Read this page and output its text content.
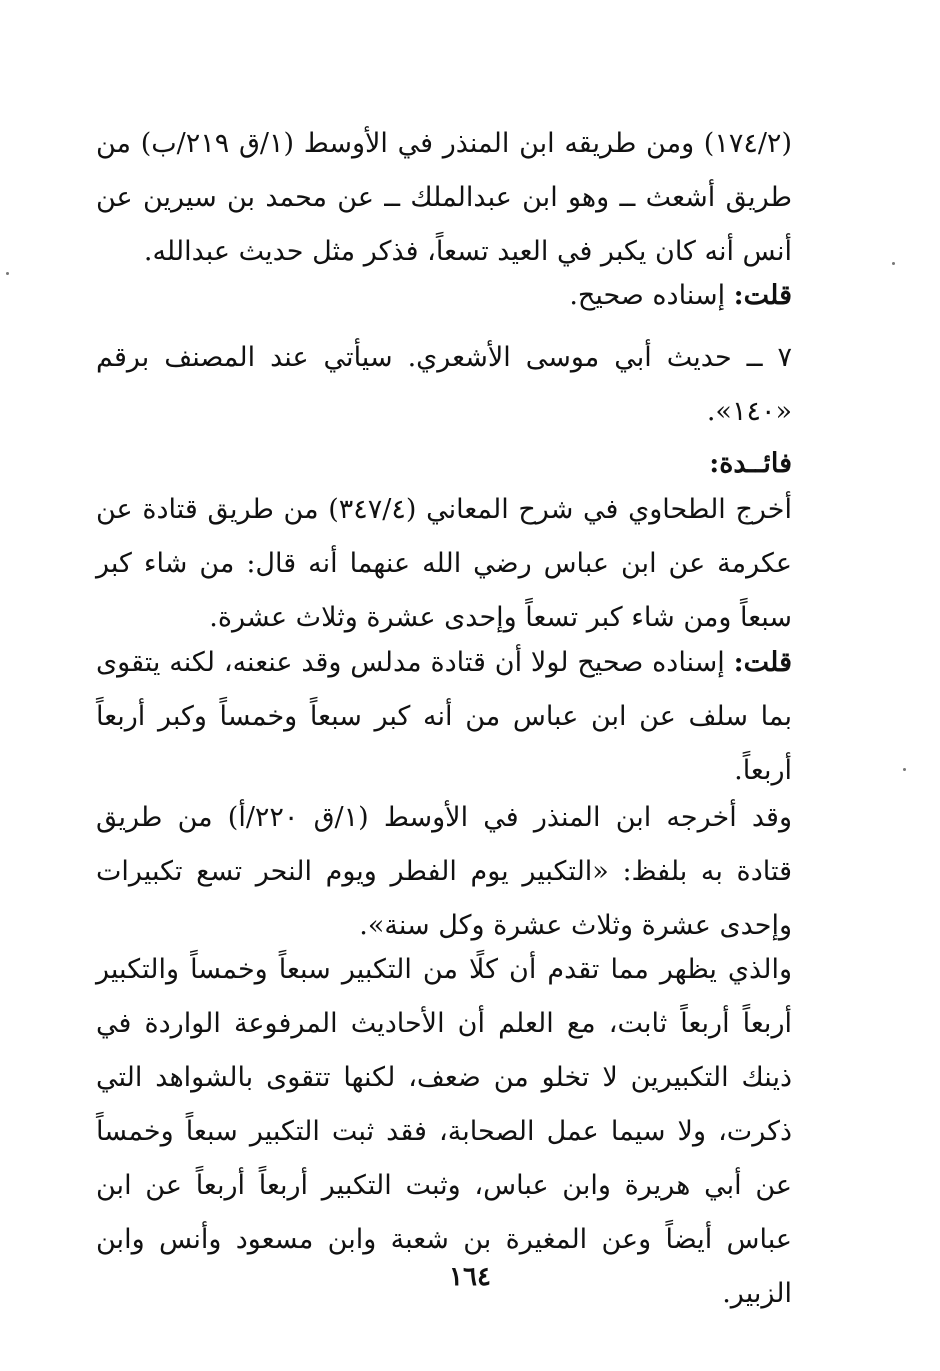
(١٧٤/٢) ومن طريقه ابن المنذر في الأوسط (١/ق ٢١٩/ب) من طريق أشعث ــ وهو ابن عبدالملك ــ عن محمد بن سيرين عن أنس أنه كان يكبر في العيد تسعاً، فذكر مثل حديث عبدالله.

قلت: إسناده صحيح.

٧ ــ حديث أبي موسى الأشعري. سيأتي عند المصنف برقم «١٤٠».

فائــدة:

أخرج الطحاوي في شرح المعاني (٣٤٧/٤) من طريق قتادة عن عكرمة عن ابن عباس رضي الله عنهما أنه قال: من شاء كبر سبعاً ومن شاء كبر تسعاً وإحدى عشرة وثلاث عشرة.

قلت: إسناده صحيح لولا أن قتادة مدلس وقد عنعنه، لكنه يتقوى بما سلف عن ابن عباس من أنه كبر سبعاً وخمساً وكبر أربعاً أربعاً.

وقد أخرجه ابن المنذر في الأوسط (١/ق ٢٢٠/أ) من طريق قتادة به بلفظ: «التكبير يوم الفطر ويوم النحر تسع تكبيرات وإحدى عشرة وثلاث عشرة وكل سنة».

والذي يظهر مما تقدم أن كلًا من التكبير سبعاً وخمساً والتكبير أربعاً أربعاً ثابت، مع العلم أن الأحاديث المرفوعة الواردة في ذينك التكبيرين لا تخلو من ضعف، لكنها تتقوى بالشواهد التي ذكرت، ولا سيما عمل الصحابة، فقد ثبت التكبير سبعاً وخمساً عن أبي هريرة وابن عباس، وثبت التكبير أربعاً أربعاً عن ابن عباس أيضاً وعن المغيرة بن شعبة وابن مسعود وأنس وابن الزبير.

١٦٤
